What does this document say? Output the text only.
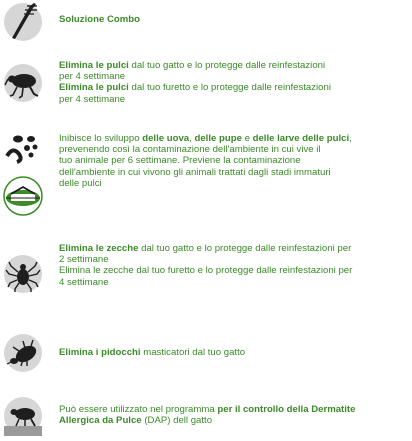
Soluzione Combo
Elimina le pulci dal tuo gatto e lo protegge dalle reinfestazioni
per 4 settimane
Elimina le pulci dal tuo furetto e lo protegge dalle reinfestazioni
per 4 settimane
Inibisce lo sviluppo delle uova, delle pupe e delle larve delle pulci,
prevenendo così la contaminazione dell'ambiente in cui vive il
tuo animale per 6 settimane. Previene la contaminazione
dell'ambiente in cui vivono gli animali trattati dagli stadi immaturi
delle pulci
Elimina le zecche dal tuo gatto e lo protegge dalle reinfestazioni per
2 settimane
Elimina le zecche dal tuo furetto e lo protegge dalle reinfestazioni per
4 settimane
Elimina i pidocchi masticatori dal tuo gatto
Può essere utilizzato nel programma per il controllo della Dermatite
Allergica da Pulce (DAP) dell gatto
